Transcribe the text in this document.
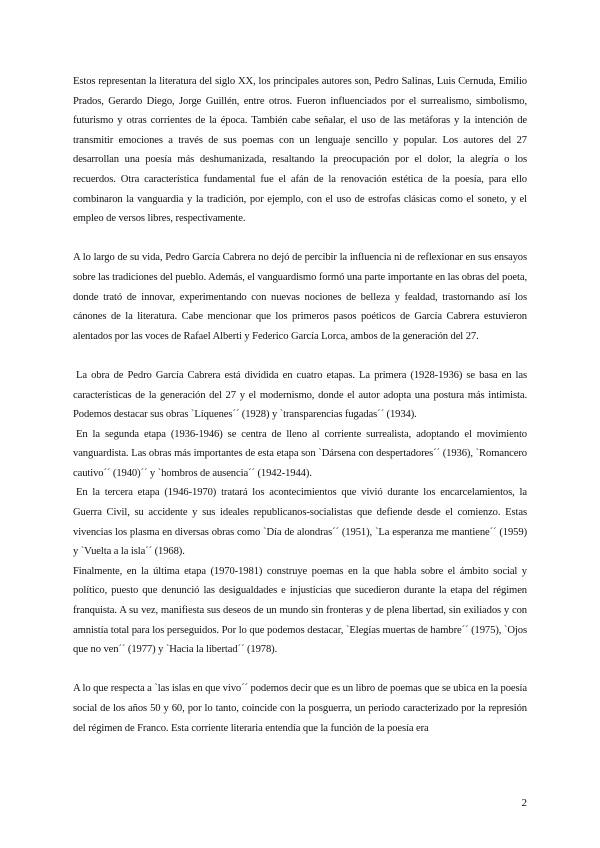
Estos representan la literatura del siglo XX, los principales autores son, Pedro Salinas, Luis Cernuda, Emilio Prados, Gerardo Diego, Jorge Guillén, entre otros. Fueron influenciados por el surrealismo, simbolismo, futurismo y otras corrientes de la época. También cabe señalar, el uso de las metáforas y la intención de transmitir emociones a través de sus poemas con un lenguaje sencillo y popular. Los autores del 27 desarrollan una poesía más deshumanizada, resaltando la preocupación por el dolor, la alegría o los recuerdos. Otra característica fundamental fue el afán de la renovación estética de la poesía, para ello combinaron la vanguardia y la tradición, por ejemplo, con el uso de estrofas clásicas como el soneto, y el empleo de versos libres, respectivamente.

A lo largo de su vida, Pedro García Cabrera no dejó de percibir la influencia ni de reflexionar en sus ensayos sobre las tradiciones del pueblo. Además, el vanguardismo formó una parte importante en las obras del poeta, donde trató de innovar, experimentando con nuevas nociones de belleza y fealdad, trastornando así los cánones de la literatura. Cabe mencionar que los primeros pasos poéticos de García Cabrera estuvieron alentados por las voces de Rafael Alberti y Federico García Lorca, ambos de la generación del 27.

La obra de Pedro García Cabrera está dividida en cuatro etapas. La primera (1928-1936) se basa en las características de la generación del 27 y el modernismo, donde el autor adopta una postura más intimista. Podemos destacar sus obras `Líquenes´´ (1928) y `transparencias fugadas´´ (1934).

En la segunda etapa (1936-1946) se centra de lleno al corriente surrealista, adoptando el movimiento vanguardista. Las obras más importantes de esta etapa son `Dársena con despertadores´´ (1936), `Romancero cautivo´´ (1940)´´ y `hombros de ausencia´´ (1942-1944).

En la tercera etapa (1946-1970) tratará los acontecimientos que vivió durante los encarcelamientos, la Guerra Civil, su accidente y sus ideales republicanos-socialistas que defiende desde el comienzo. Estas vivencias los plasma en diversas obras como `Día de alondras´´ (1951), `La esperanza me mantiene´´ (1959) y `Vuelta a la isla´´ (1968).

Finalmente, en la última etapa (1970-1981) construye poemas en la que habla sobre el ámbito social y político, puesto que denunció las desigualdades e injusticias que sucedieron durante la etapa del régimen franquista. A su vez, manifiesta sus deseos de un mundo sin fronteras y de plena libertad, sin exiliados y con amnistía total para los perseguidos. Por lo que podemos destacar, `Elegías muertas de hambre´´ (1975), `Ojos que no ven´´ (1977) y `Hacia la libertad´´ (1978).

A lo que respecta a `las islas en que vivo´´ podemos decir que es un libro de poemas que se ubica en la poesía social de los años 50 y 60, por lo tanto, coincide con la posguerra, un periodo caracterizado por la represión del régimen de Franco. Esta corriente literaria entendía que la función de la poesía era

2
